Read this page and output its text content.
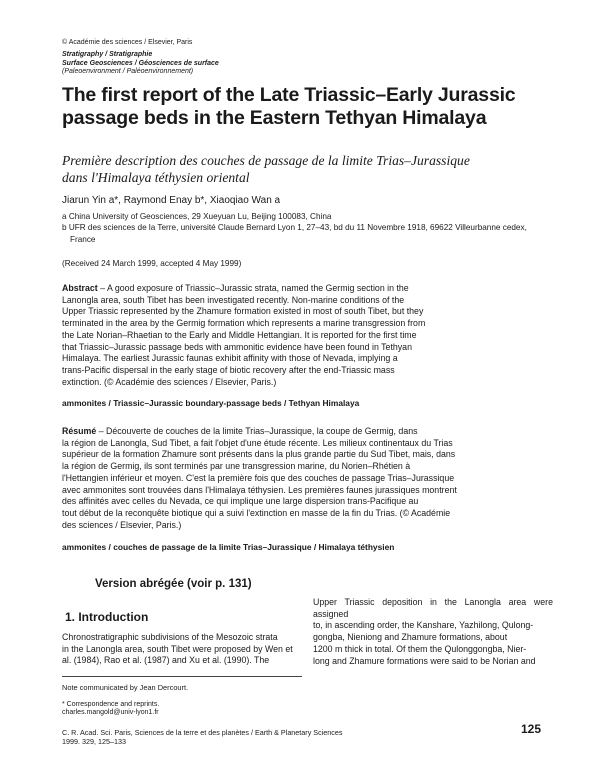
© Académie des sciences / Elsevier, Paris
Stratigraphy / Stratigraphie
Surface Geosciences / Géosciences de surface
(Paleoenvironment / Paléoenvironnement)
The first report of the Late Triassic–Early Jurassic
passage beds in the Eastern Tethyan Himalaya
Première description des couches de passage de la limite Trias–Jurassique
dans l'Himalaya téthysien oriental
Jiarun Yin a*, Raymond Enay b*, Xiaoqiao Wan a
a China University of Geosciences, 29 Xueyuan Lu, Beijing 100083, China
b UFR des sciences de la Terre, université Claude Bernard Lyon 1, 27–43, bd du 11 Novembre 1918, 69622 Villeurbanne cedex,
France
(Received 24 March 1999, accepted 4 May 1999)
Abstract – A good exposure of Triassic–Jurassic strata, named the Germig section in the
Lanongla area, south Tibet has been investigated recently. Non-marine conditions of the
Upper Triassic represented by the Zhamure formation existed in most of south Tibet, but they
terminated in the area by the Germig formation which represents a marine transgression from
the Late Norian–Rhaetian to the Early and Middle Hettangian. It is reported for the first time
that Triassic–Jurassic passage beds with ammonitic evidence have been found in Tethyan
Himalaya. The earliest Jurassic faunas exhibit affinity with those of Nevada, implying a
trans-Pacific dispersal in the early stage of biotic recovery after the end-Triassic mass
extinction. (© Académie des sciences / Elsevier, Paris.)
ammonites / Triassic–Jurassic boundary-passage beds / Tethyan Himalaya
Résumé – Découverte de couches de la limite Trias–Jurassique, la coupe de Germig, dans
la région de Lanongla, Sud Tibet, a fait l'objet d'une étude récente. Les milieux continentaux du Trias
supérieur de la formation Zhamure sont présents dans la plus grande partie du Sud Tibet, mais, dans
la région de Germig, ils sont terminés par une transgression marine, du Norien–Rhétien à
l'Hettangien inférieur et moyen. C'est la première fois que des couches de passage Trias–Jurassique
avec ammonites sont trouvées dans l'Himalaya téthysien. Les premières faunes jurassiques montrent
des affinités avec celles du Nevada, ce qui implique une large dispersion trans-Pacifique au
tout début de la reconquête biotique qui a suivi l'extinction en masse de la fin du Trias. (© Académie
des sciences / Elsevier, Paris.)
ammonites / couches de passage de la limite Trias–Jurassique / Himalaya téthysien
Version abrégée (voir p. 131)
1. Introduction
Chronostratigraphic subdivisions of the Mesozoic strata
in the Lanongla area, south Tibet were proposed by Wen et
al. (1984), Rao et al. (1987) and Xu et al. (1990). The
Upper Triassic deposition in the Lanongla area were assigned
to, in ascending order, the Kanshare, Yazhilong, Qulong-
gongba, Nieniong and Zhamure formations, about
1200 m thick in total. Of them the Qulonggongba, Nier-
long and Zhamure formations were said to be Norian and
Note communicated by Jean Dercourt.
* Correspondence and reprints.
charles.mangold@univ-lyon1.fr
C. R. Acad. Sci. Paris, Sciences de la terre et des planètes / Earth & Planetary Sciences
1999. 329, 125–133
125
